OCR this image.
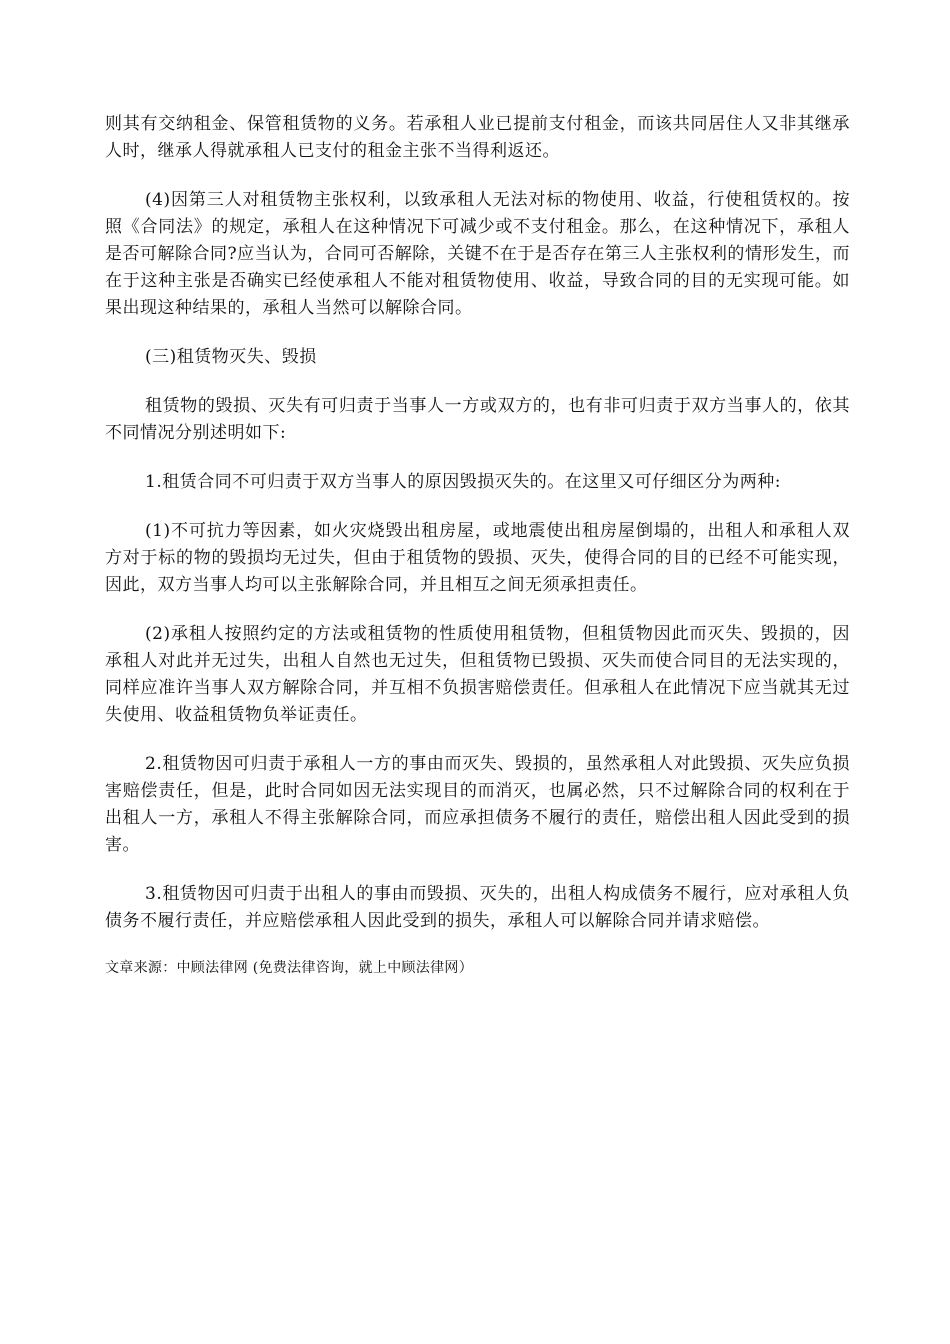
则其有交纳租金、保管租赁物的义务。若承租人业已提前支付租金，而该共同居住人又非其继承人时，继承人得就承租人已支付的租金主张不当得利返还。

(4)因第三人对租赁物主张权利，以致承租人无法对标的物使用、收益，行使租赁权的。按照《合同法》的规定，承租人在这种情况下可减少或不支付租金。那么，在这种情况下，承租人是否可解除合同?应当认为，合同可否解除，关键不在于是否存在第三人主张权利的情形发生，而在于这种主张是否确实已经使承租人不能对租赁物使用、收益，导致合同的目的无实现可能。如果出现这种结果的，承租人当然可以解除合同。

(三)租赁物灭失、毁损

租赁物的毁损、灭失有可归责于当事人一方或双方的，也有非可归责于双方当事人的，依其不同情况分别述明如下:

1.租赁合同不可归责于双方当事人的原因毁损灭失的。在这里又可仔细区分为两种:

(1)不可抗力等因素，如火灾烧毁出租房屋，或地震使出租房屋倒塌的，出租人和承租人双方对于标的物的毁损均无过失，但由于租赁物的毁损、灭失，使得合同的目的已经不可能实现，因此，双方当事人均可以主张解除合同，并且相互之间无须承担责任。

(2)承租人按照约定的方法或租赁物的性质使用租赁物，但租赁物因此而灭失、毁损的，因承租人对此并无过失，出租人自然也无过失，但租赁物已毁损、灭失而使合同目的无法实现的，同样应准许当事人双方解除合同，并互相不负损害赔偿责任。但承租人在此情况下应当就其无过失使用、收益租赁物负举证责任。

2.租赁物因可归责于承租人一方的事由而灭失、毁损的，虽然承租人对此毁损、灭失应负损害赔偿责任，但是，此时合同如因无法实现目的而消灭，也属必然，只不过解除合同的权利在于出租人一方，承租人不得主张解除合同，而应承担债务不履行的责任，赔偿出租人因此受到的损害。

3.租赁物因可归责于出租人的事由而毁损、灭失的，出租人构成债务不履行，应对承租人负债务不履行责任，并应赔偿承租人因此受到的损失，承租人可以解除合同并请求赔偿。

文章来源：中顾法律网 (免费法律咨询，就上中顾法律网）
